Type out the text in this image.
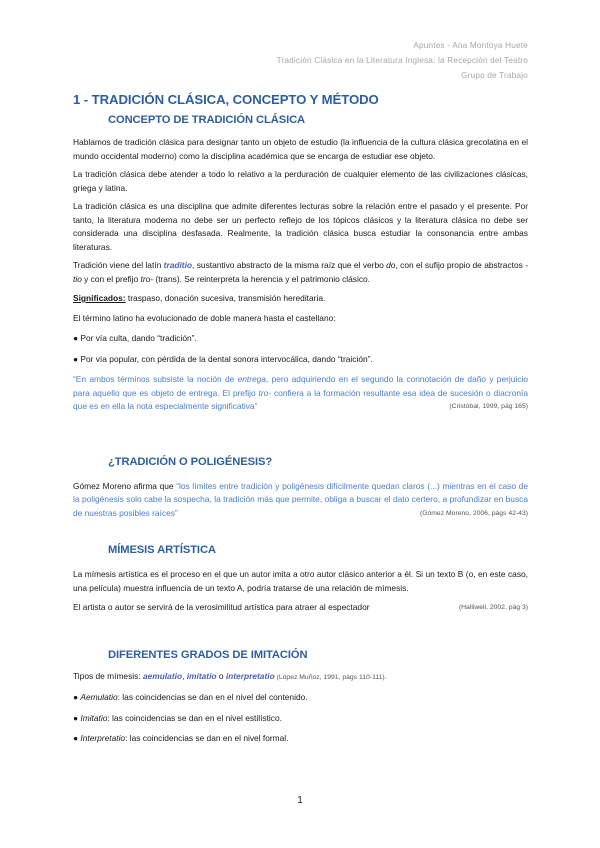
Apuntes - Ana Montoya Huete
Tradición Clásica en la Literatura Inglesa: la Recepción del Teatro
Grupo de Trabajo
1 - TRADICIÓN CLÁSICA, CONCEPTO Y MÉTODO
CONCEPTO DE TRADICIÓN CLÁSICA

Hablamos de tradición clásica para designar tanto un objeto de estudio (la influencia de la cultura clásica grecolatina en el mundo occidental moderno) como la disciplina académica que se encarga de estudiar ese objeto.

La tradición clásica debe atender a todo lo relativo a la perduración de cualquier elemento de las civilizaciones clásicas, griega y latina.

La tradición clásica es una disciplina que admite diferentes lecturas sobre la relación entre el pasado y el presente. Por tanto, la literatura moderna no debe ser un perfecto reflejo de los tópicos clásicos y la literatura clásica no debe ser considerada una disciplina desfasada. Realmente, la tradición clásica busca estudiar la consonancia entre ambas literaturas.

Tradición viene del latín traditio, sustantivo abstracto de la misma raíz que el verbo do, con el sufijo propio de abstractos -tio y con el prefijo tro- (trans). Se reinterpreta la herencia y el patrimonio clásico.

Significados: traspaso, donación sucesiva, transmisión hereditaria.

El término latino ha evolucionado de doble manera hasta el castellano:

● Por vía culta, dando “tradición”.

● Por vía popular, con pérdida de la dental sonora intervocálica, dando “traición”.

“En ambos términos subsiste la noción de entrega, pero adquiriendo en el segundo la connotación de daño y perjuicio para aquello que es objeto de entrega. El prefijo tro- confiera a la formación resultante esa idea de sucesión o diacronía que es en ella la nota especialmente significativa”	(Cristóbal, 1999, pág 165)

¿TRADICIÓN O POLIGÉNESIS?

Gómez Moreno afirma que “los límites entre tradición y poligénesis difícilmente quedan claros (...) mientras en el caso de la poligénesis solo cabe la sospecha, la tradición más que permite, obliga a buscar el dato certero, a profundizar en busca de nuestras posibles raíces”	(Gómez Moreno, 2006, págs 42-43)

MÍMESIS ARTÍSTICA

La mímesis artística es el proceso en el que un autor imita a otro autor clásico anterior a él. Si un texto B (o, en este caso, una película) muestra influencia de un texto A, podría tratarse de una relación de mímesis.

El artista o autor se servirá de la verosimilitud artística para atraer al espectador	(Halliwell, 2002, pág 3)

DIFERENTES GRADOS DE IMITACIÓN

Tipos de mímesis: aemulatio, imitatio o interpretatio (López Muñoz, 1991, págs 110-111).

● Aemulatio: las coincidencias se dan en el nivel del contenido.

● Imitatio: las coincidencias se dan en el nivel estilístico.

● Interpretatio: las coincidencias se dan en el nivel formal.

1
